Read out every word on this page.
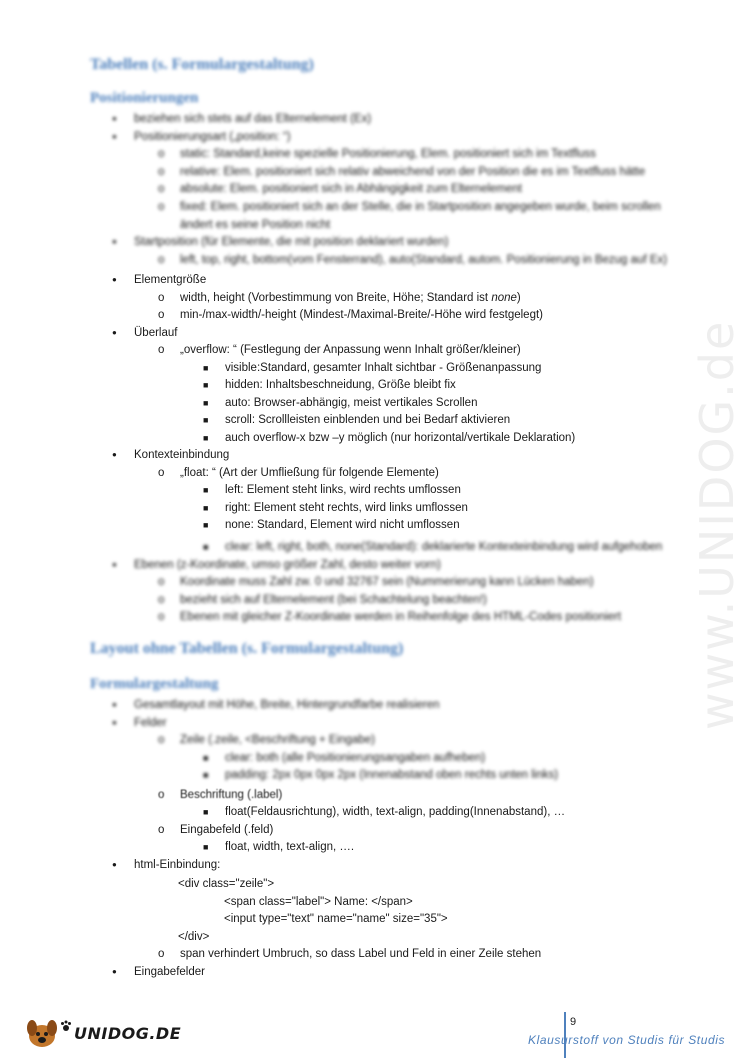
www.UNIDOG.de
Tabellen (s. Formulargestaltung)
Positionierungen
● beziehen sich stets auf das Elternelement (Ex)
● Positionierungsart („position: “)
o static: Standard,keine spezielle Positionierung, Elem. positioniert sich im Textfluss
o relative: Elem. positioniert sich relativ abweichend von der Position die es im Textfluss hätte
o absolute: Elem. positioniert sich in Abhängigkeit zum Elternelement
o fixed: Elem. positioniert sich an der Stelle, die in Startposition angegeben wurde, beim scrollen
ändert es seine Position nicht
● Startposition (für Elemente, die mit position deklariert wurden)
o left, top, right, bottom(vom Fensterrand), auto(Standard, autom. Positionierung in Bezug auf Ex)
● Elementgröße
o width, height (Vorbestimmung von Breite, Höhe; Standard ist none)
o min-/max-width/-height (Mindest-/Maximal-Breite/-Höhe wird festgelegt)
● Überlauf
o „overflow: “ (Festlegung der Anpassung wenn Inhalt größer/kleiner)
■ visible:Standard, gesamter Inhalt sichtbar - Größenanpassung
■ hidden: Inhaltsbeschneidung, Größe bleibt fix
■ auto: Browser-abhängig, meist vertikales Scrollen
■ scroll: Scrollleisten einblenden und bei Bedarf aktivieren
■ auch overflow-x bzw –y möglich (nur horizontal/vertikale Deklaration)
● Kontexteinbindung
o „float: “ (Art der Umfließung für folgende Elemente)
■ left: Element steht links, wird rechts umflossen
■ right: Element steht rechts, wird links umflossen
■ none: Standard, Element wird nicht umflossen
■ clear: left, right, both, none(Standard): deklarierte Kontexteinbindung wird aufgehoben
● Ebenen (z-Koordinate, umso größer Zahl, desto weiter vorn)
o Koordinate muss Zahl zw. 0 und 32767 sein (Nummerierung kann Lücken haben)
o bezieht sich auf Elternelement (bei Schachtelung beachten!)
o Ebenen mit gleicher Z-Koordinate werden in Reihenfolge des HTML-Codes positioniert
Layout ohne Tabellen (s. Formulargestaltung)
Formulargestaltung
● Gesamtlayout mit Höhe, Breite, Hintergrundfarbe realisieren
● Felder
o Zeile (.zeile, <Beschriftung + Eingabe)
■ clear: both (alle Positionierungsangaben aufheben)
■ padding: 2px 0px 0px 2px (Innenabstand oben rechts unten links)
o Beschriftung (.label)
■ float(Feldausrichtung), width, text-align, padding(Innenabstand), …
o Eingabefeld (.feld)
■ float, width, text-align, ….
● html-Einbindung:
<div class="zeile">
<span class="label"> Name: </span>
<input type="text" name="name" size="35">
</div>
o span verhindert Umbruch, so dass Label und Feld in einer Zeile stehen
● Eingabefelder
UNIDOG.DE
9
Klausurstoff von Studis für Studis
